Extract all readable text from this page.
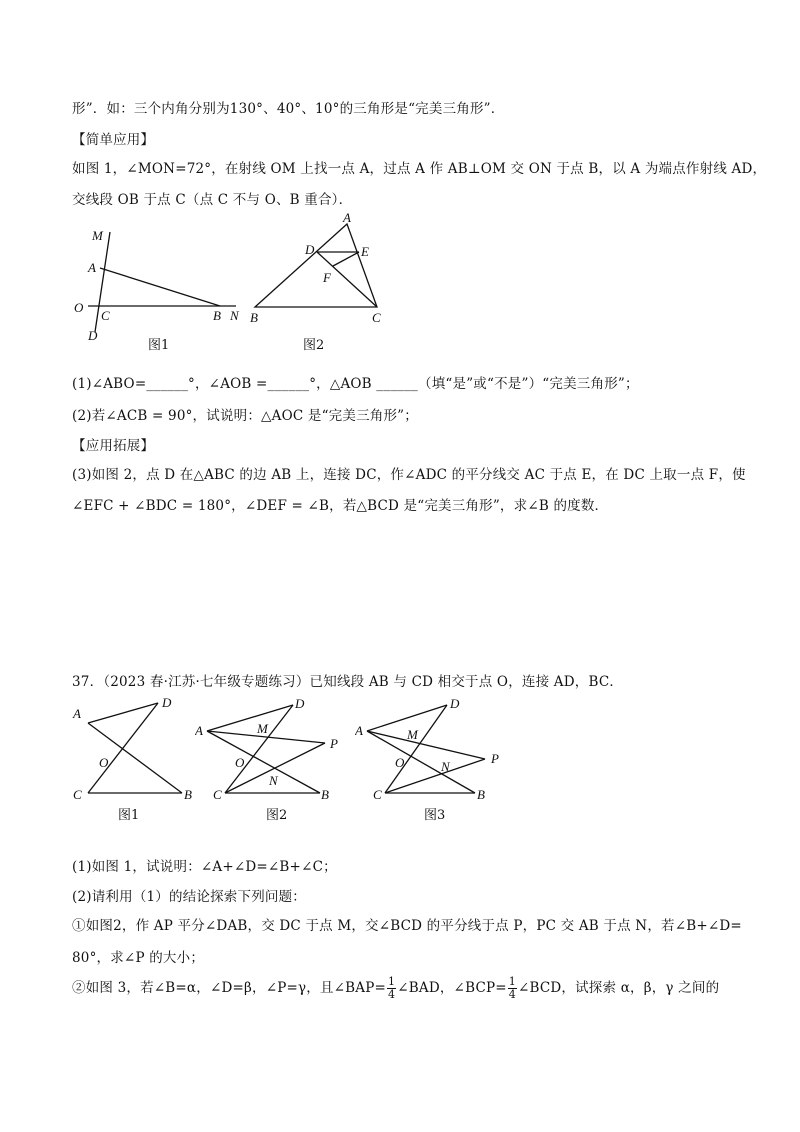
形”．如：三个内角分别为130°、40°、10°的三角形是“完美三角形”．
【简单应用】
如图 1，∠MON=72°，在射线 OM 上找一点 A，过点 A 作 AB⊥OM 交 ON 于点 B，以 A 为端点作射线 AD，
交线段 OB 于点 C（点 C 不与 O、B 重合）．
M
A
O
C
D
B N
图1
A
D	E
F
B	C
图2
(1)∠ABO=______°，∠AOB =______°，△AOB ______（填“是”或“不是”）“完美三角形”；
(2)若∠ACB = 90°，试说明：△AOC 是“完美三角形”；
【应用拓展】
(3)如图 2，点 D 在△ABC 的边 AB 上，连接 DC，作∠ADC 的平分线交 AC 于点 E，在 DC 上取一点 F，使
∠EFC + ∠BDC = 180°，∠DEF = ∠B，若△BCD 是“完美三角形”，求∠B 的度数．
37．（2023 春·江苏·七年级专题练习）已知线段 AB 与 CD 相交于点 O，连接 AD，BC．
A
D
O
C	B
图1
A
D
M
P
O
N
C	B
图2
A
D
M
P
O	N
C	B
图3
(1)如图 1，试说明：∠A+∠D=∠B+∠C；
(2)请利用（1）的结论探索下列问题：
①如图2，作 AP 平分∠DAB，交 DC 于点 M，交∠BCD 的平分线于点 P，PC 交 AB 于点 N，若∠B+∠D=
80°，求∠P 的大小；
②如图 3，若∠B=α，∠D=β，∠P=γ，且∠BAP= $\frac{1}{4}$ ∠BAD，∠BCP= $\frac{1}{4}$ ∠BCD，试探索 α，β，γ 之间的
